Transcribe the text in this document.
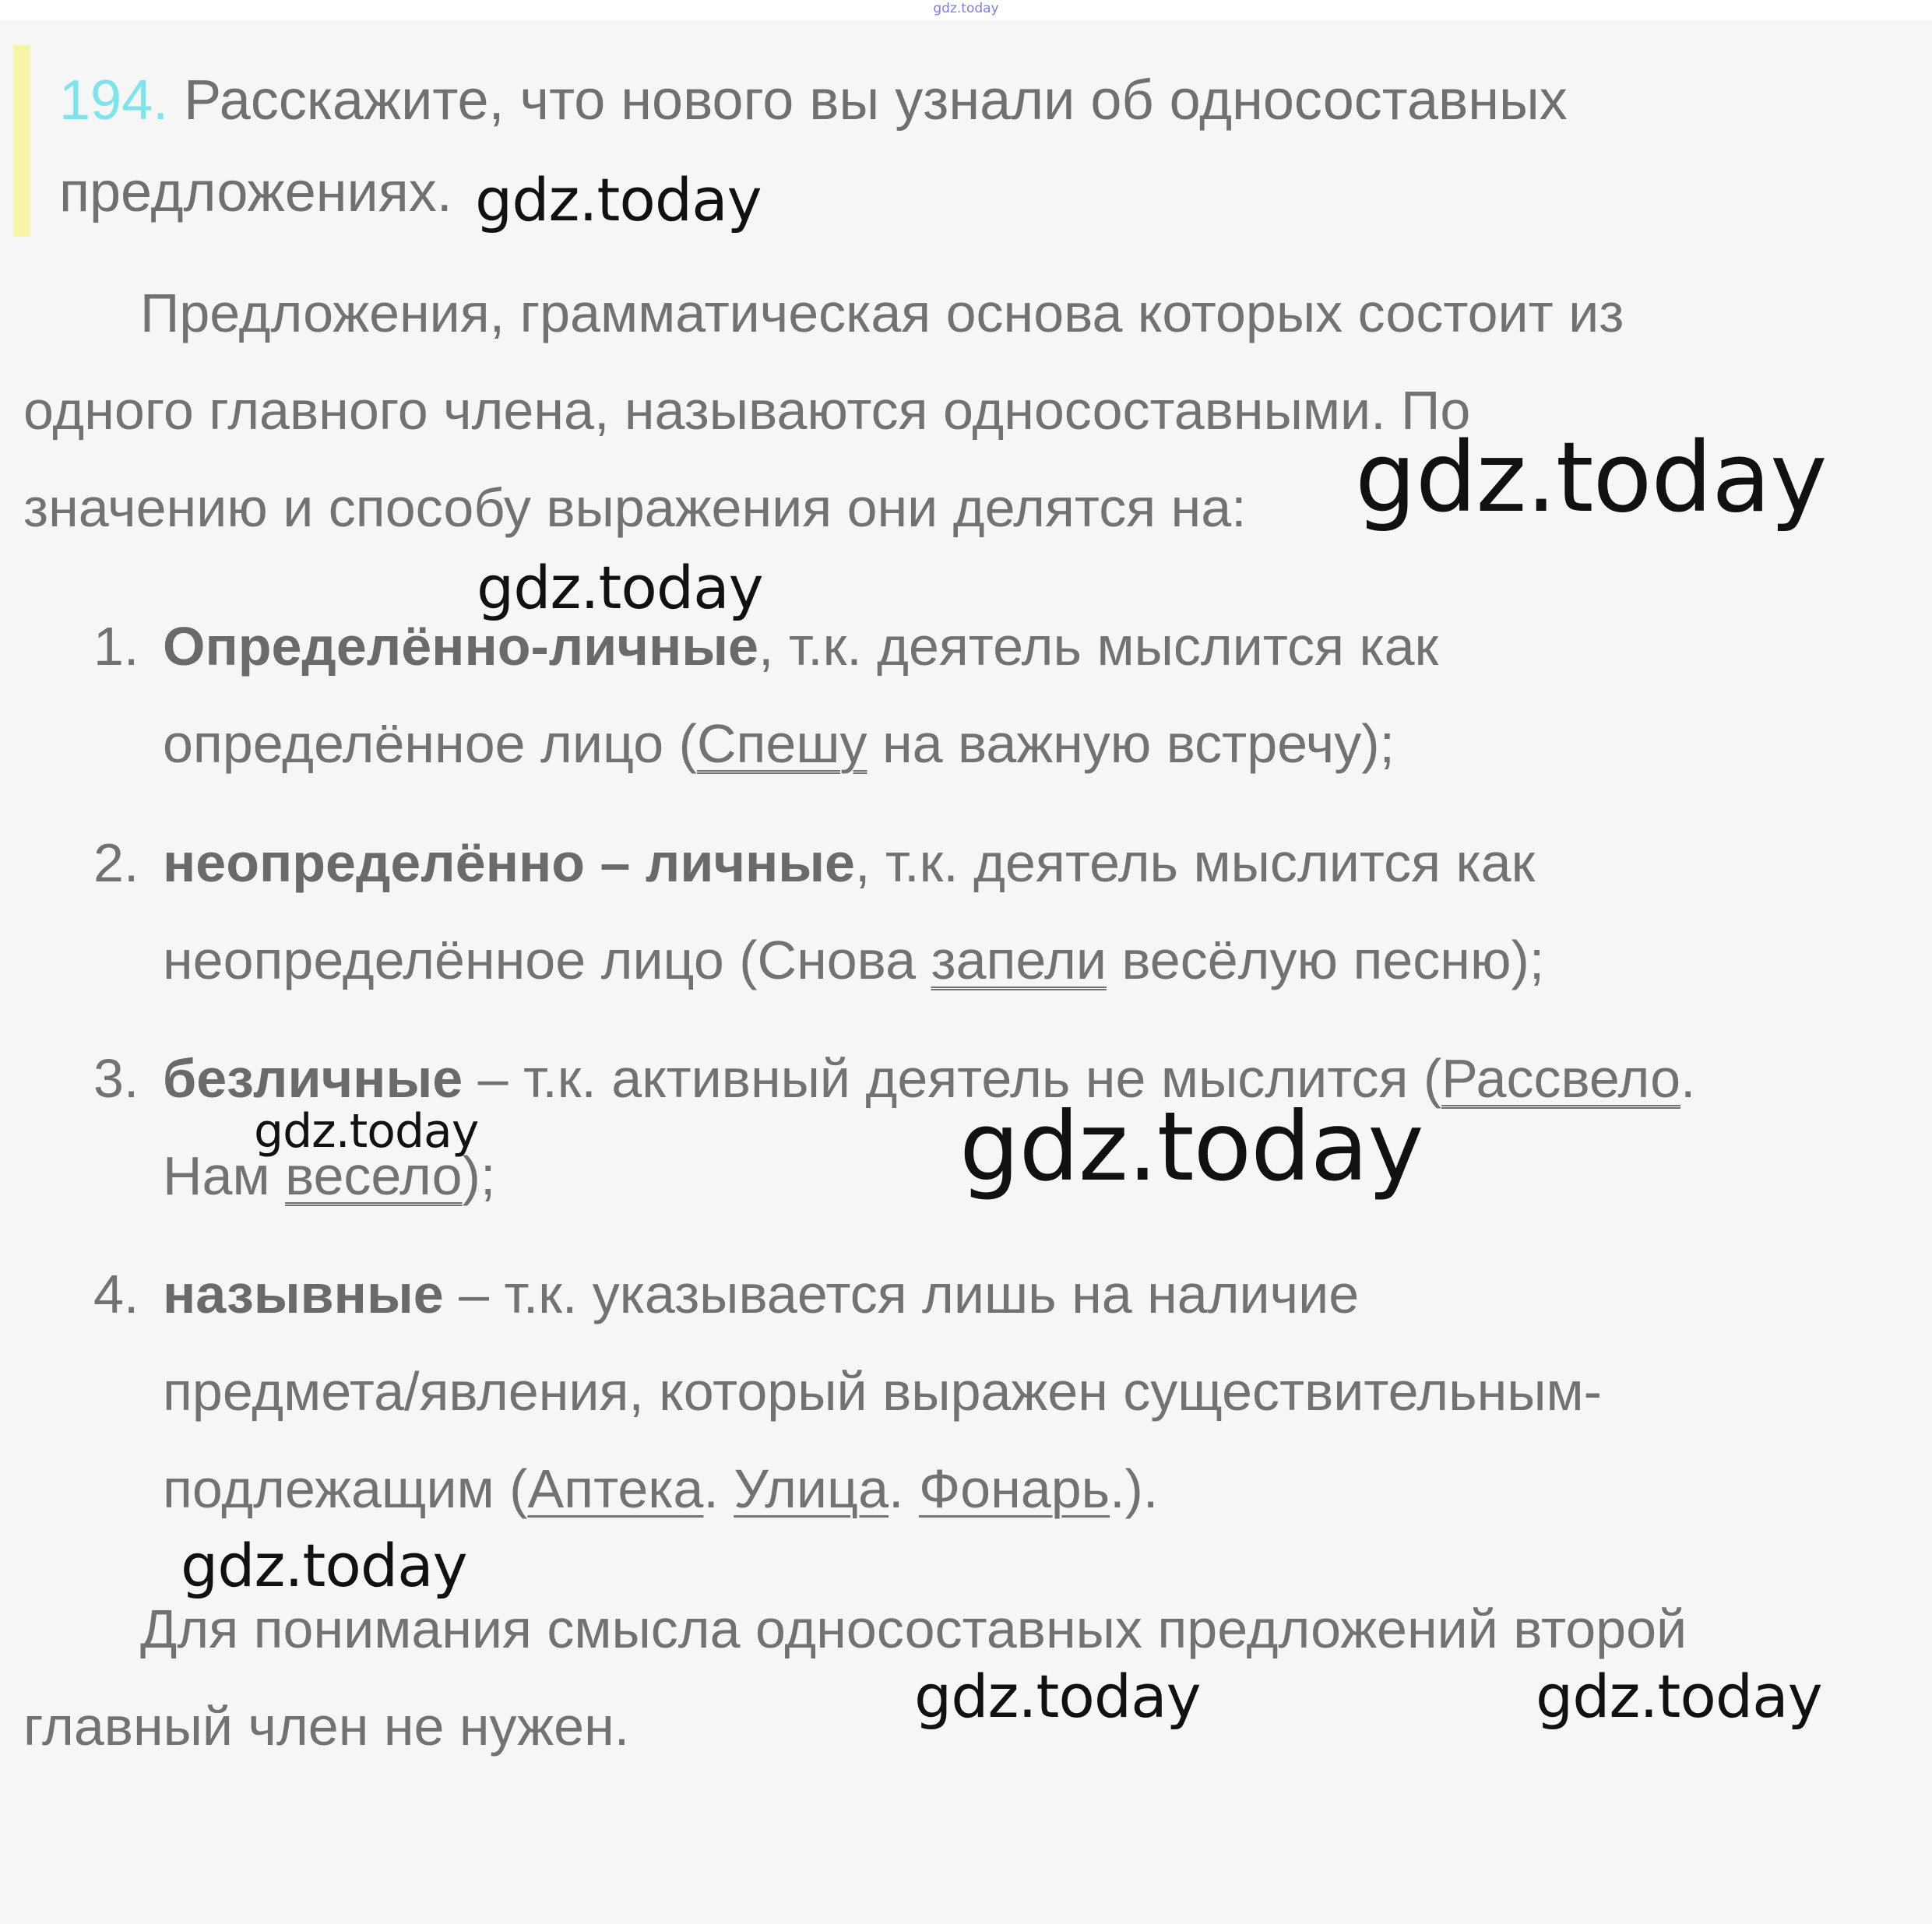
gdz.today
194. Расскажите, что нового вы узнали об односоставных
предложениях.
Предложения, грамматическая основа которых состоит из
одного главного члена, называются односоставными. По
значению и способу выражения они делятся на:
1. Определённо-личные, т.к. деятель мыслится как
определённое лицо (Спешу на важную встречу);
2. неопределённо – личные, т.к. деятель мыслится как
неопределённое лицо (Снова запели весёлую песню);
3. безличные – т.к. активный деятель не мыслится (Рассвело.
Нам весело);
4. назывные – т.к. указывается лишь на наличие
предмета/явления, который выражен существительным-
подлежащим (Аптека. Улица. Фонарь.).
Для понимания смысла односоставных предложений второй
главный член не нужен.
gdz.today
gdz.today
gdz.today
gdz.today	gdz.today
gdz.today
gdz.today	gdz.today
